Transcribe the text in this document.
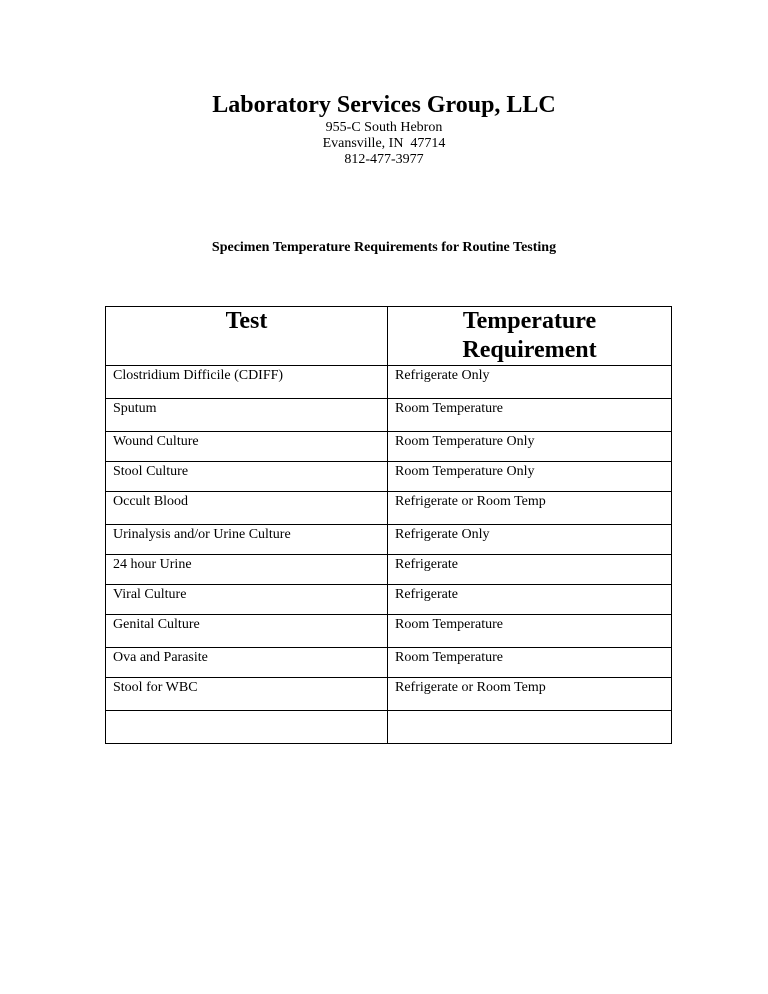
Laboratory Services Group, LLC

955-C South Hebron

Evansville, IN  47714

812-477-3977

Specimen Temperature Requirements for Routine Testing
Test	Temperature Requirement
Clostridium Difficile (CDIFF)	Refrigerate Only
Sputum	Room Temperature
Wound Culture	Room Temperature Only
Stool Culture	Room Temperature Only
Occult Blood	Refrigerate or Room Temp
Urinalysis and/or Urine Culture	Refrigerate Only
24 hour Urine	Refrigerate
Viral Culture	Refrigerate
Genital Culture	Room Temperature
Ova and Parasite	Room Temperature
Stool for WBC	Refrigerate or Room Temp
